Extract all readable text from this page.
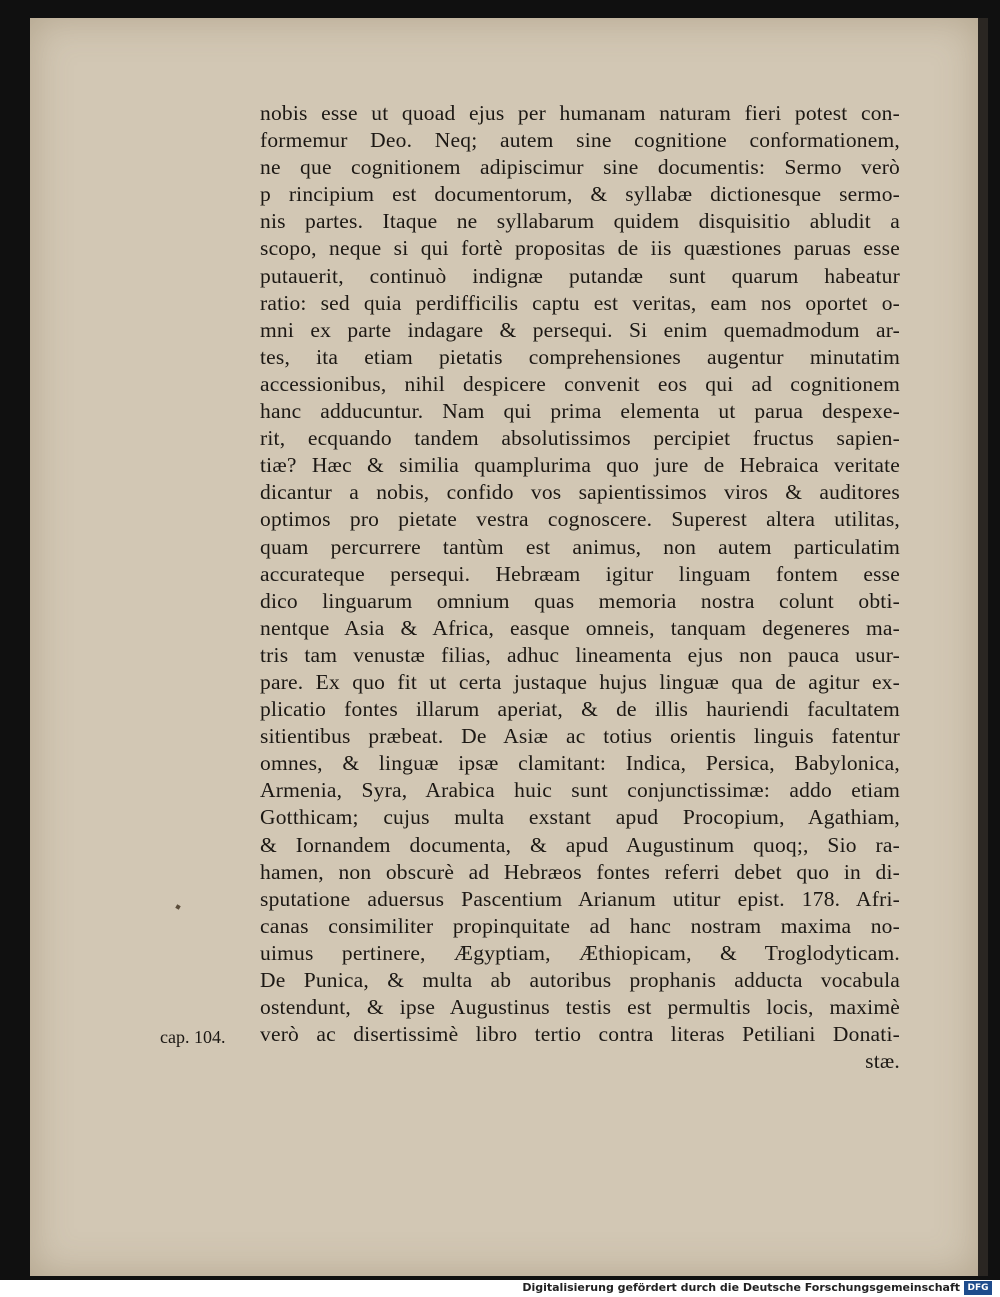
nobis esse ut quoad ejus per humanam naturam fieri potest con-
formemur Deo. Neq; autem sine cognitione conformationem,
ne que cognitionem adipiscimur sine documentis: Sermo verò
p rincipium est documentorum, & syllabæ dictionesque sermo-
nis partes. Itaque ne syllabarum quidem disquisitio abludit a
scopo, neque si qui fortè propositas de iis quæstiones paruas esse
putauerit, continuò indignæ putandæ sunt quarum habeatur
ratio: sed quia perdifficilis captu est veritas, eam nos oportet o-
mni ex parte indagare & persequi. Si enim quemadmodum ar-
tes, ita etiam pietatis comprehensiones augentur minutatim
accessionibus, nihil despicere convenit eos qui ad cognitionem
hanc adducuntur. Nam qui prima elementa ut parua despexe-
rit, ecquando tandem absolutissimos percipiet fructus sapien-
tiæ? Hæc & similia quamplurima quo jure de Hebraica veritate
dicantur a nobis, confido vos sapientissimos viros & auditores
optimos pro pietate vestra cognoscere. Superest altera utilitas,
quam percurrere tantùm est animus, non autem particulatim
accurateque persequi. Hebræam igitur linguam fontem esse
dico linguarum omnium quas memoria nostra colunt obti-
nentque Asia & Africa, easque omneis, tanquam degeneres ma-
tris tam venustæ filias, adhuc lineamenta ejus non pauca usur-
pare. Ex quo fit ut certa justaque hujus linguæ qua de agitur ex-
plicatio fontes illarum aperiat, & de illis hauriendi facultatem
sitientibus præbeat. De Asiæ ac totius orientis linguis fatentur
omnes, & linguæ ipsæ clamitant: Indica, Persica, Babylonica,
Armenia, Syra, Arabica huic sunt conjunctissimæ: addo etiam
Gotthicam; cujus multa exstant apud Procopium, Agathiam,
& Iornandem documenta, & apud Augustinum quoq;, Sio ra-
hamen, non obscurè ad Hebræos fontes referri debet quo in di-
sputatione aduersus Pascentium Arianum utitur epist. 178. Afri-
canas consimiliter propinquitate ad hanc nostram maxima no-
uimus pertinere, Ægyptiam, Æthiopicam, & Troglodyticam.
De Punica, & multa ab autoribus prophanis adducta vocabula
ostendunt, & ipse Augustinus testis est permultis locis, maximè
verò ac disertissimè libro tertio contra literas Petiliani Donati-
stæ.
cap. 104.
Digitalisierung gefördert durch die Deutsche Forschungsgemeinschaft DFG
